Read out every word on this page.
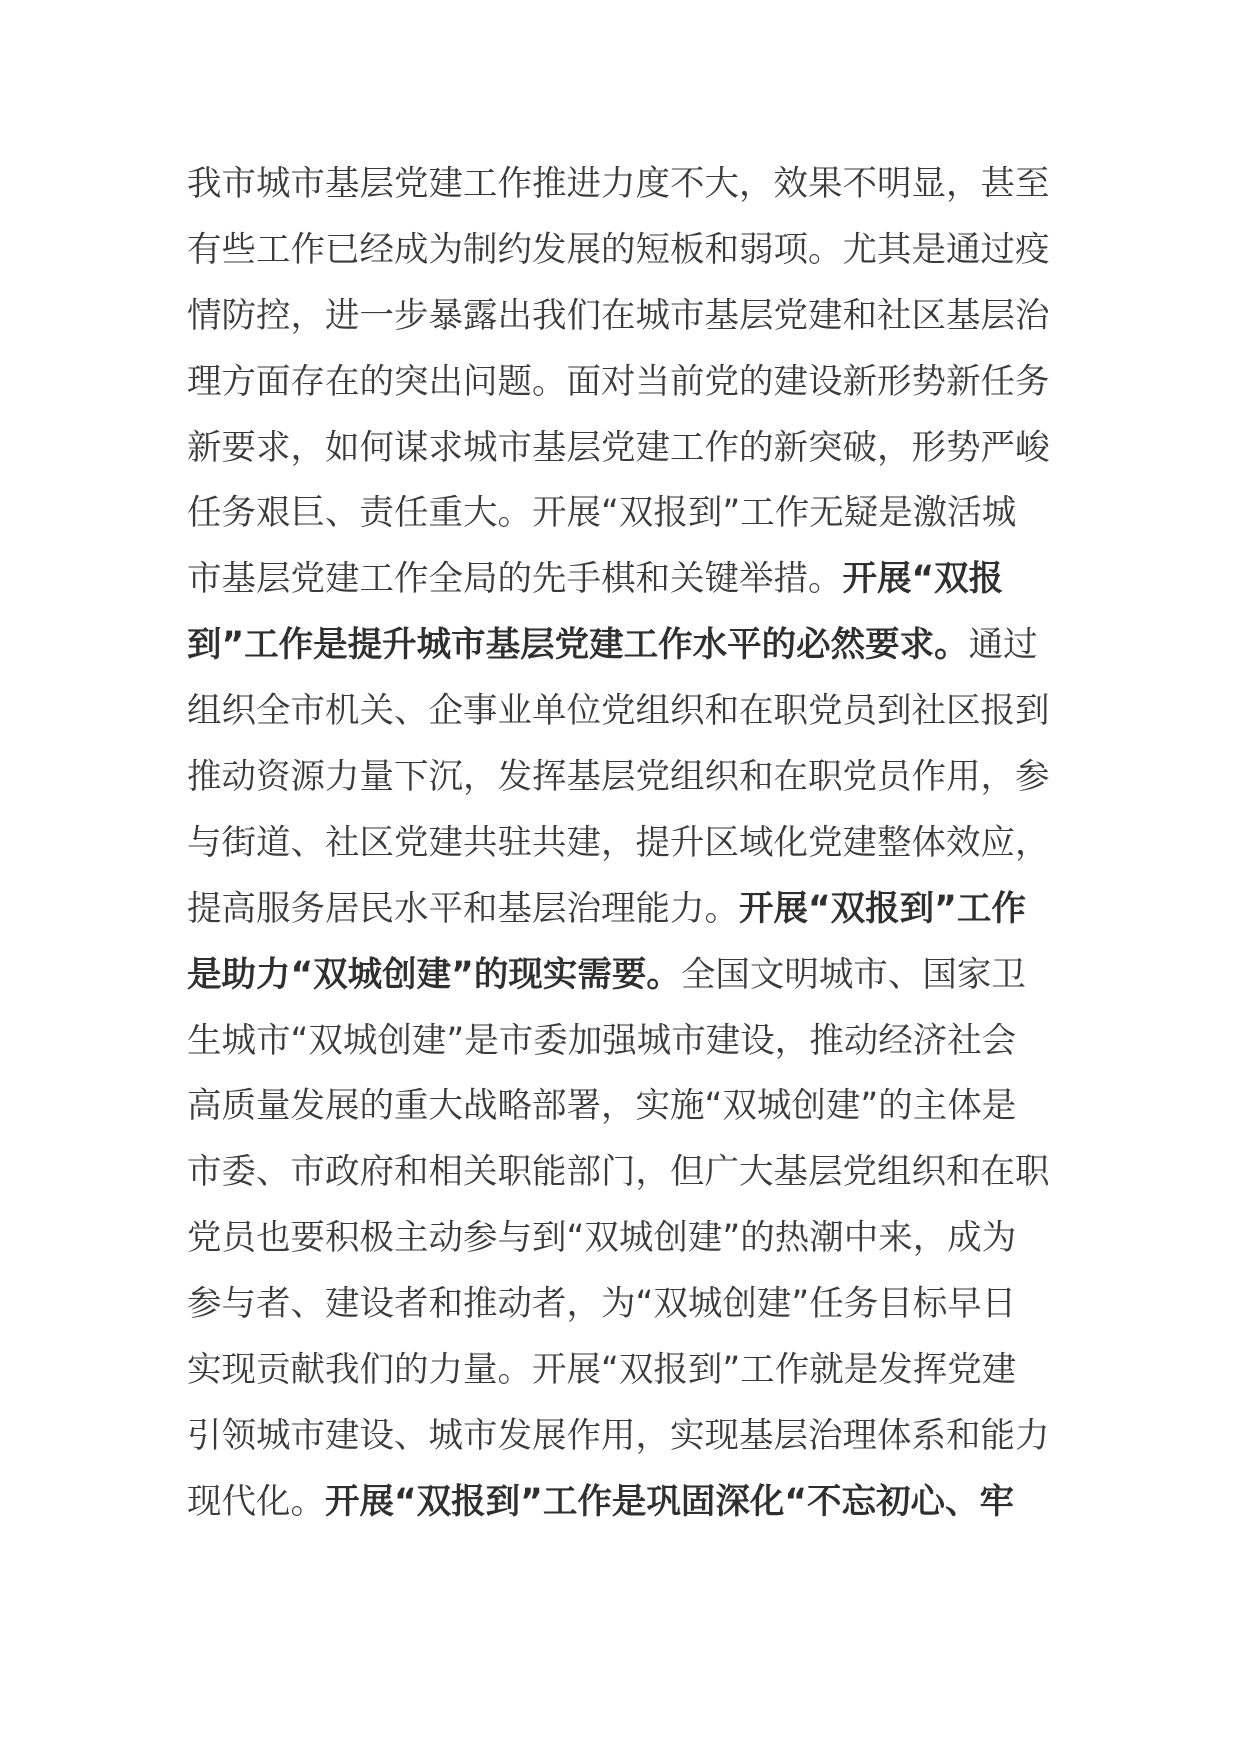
我市城市基层党建工作推进力度不大，效果不明显，甚至
有些工作已经成为制约发展的短板和弱项。尤其是通过疫
情防控，进一步暴露出我们在城市基层党建和社区基层治
理方面存在的突出问题。面对当前党的建设新形势新任务
新要求，如何谋求城市基层党建工作的新突破，形势严峻
任务艰巨、责任重大。开展“双报到”工作无疑是激活城
市基层党建工作全局的先手棋和关键举措。开展“双报
到”工作是提升城市基层党建工作水平的必然要求。通过
组织全市机关、企事业单位党组织和在职党员到社区报到
推动资源力量下沉，发挥基层党组织和在职党员作用，参
与街道、社区党建共驻共建，提升区域化党建整体效应，
提高服务居民水平和基层治理能力。开展“双报到”工作
是助力“双城创建”的现实需要。全国文明城市、国家卫
生城市“双城创建”是市委加强城市建设，推动经济社会
高质量发展的重大战略部署，实施“双城创建”的主体是
市委、市政府和相关职能部门，但广大基层党组织和在职
党员也要积极主动参与到“双城创建”的热潮中来，成为
参与者、建设者和推动者，为“双城创建”任务目标早日
实现贡献我们的力量。开展“双报到”工作就是发挥党建
引领城市建设、城市发展作用，实现基层治理体系和能力
现代化。开展“双报到”工作是巩固深化“不忘初心、牢
